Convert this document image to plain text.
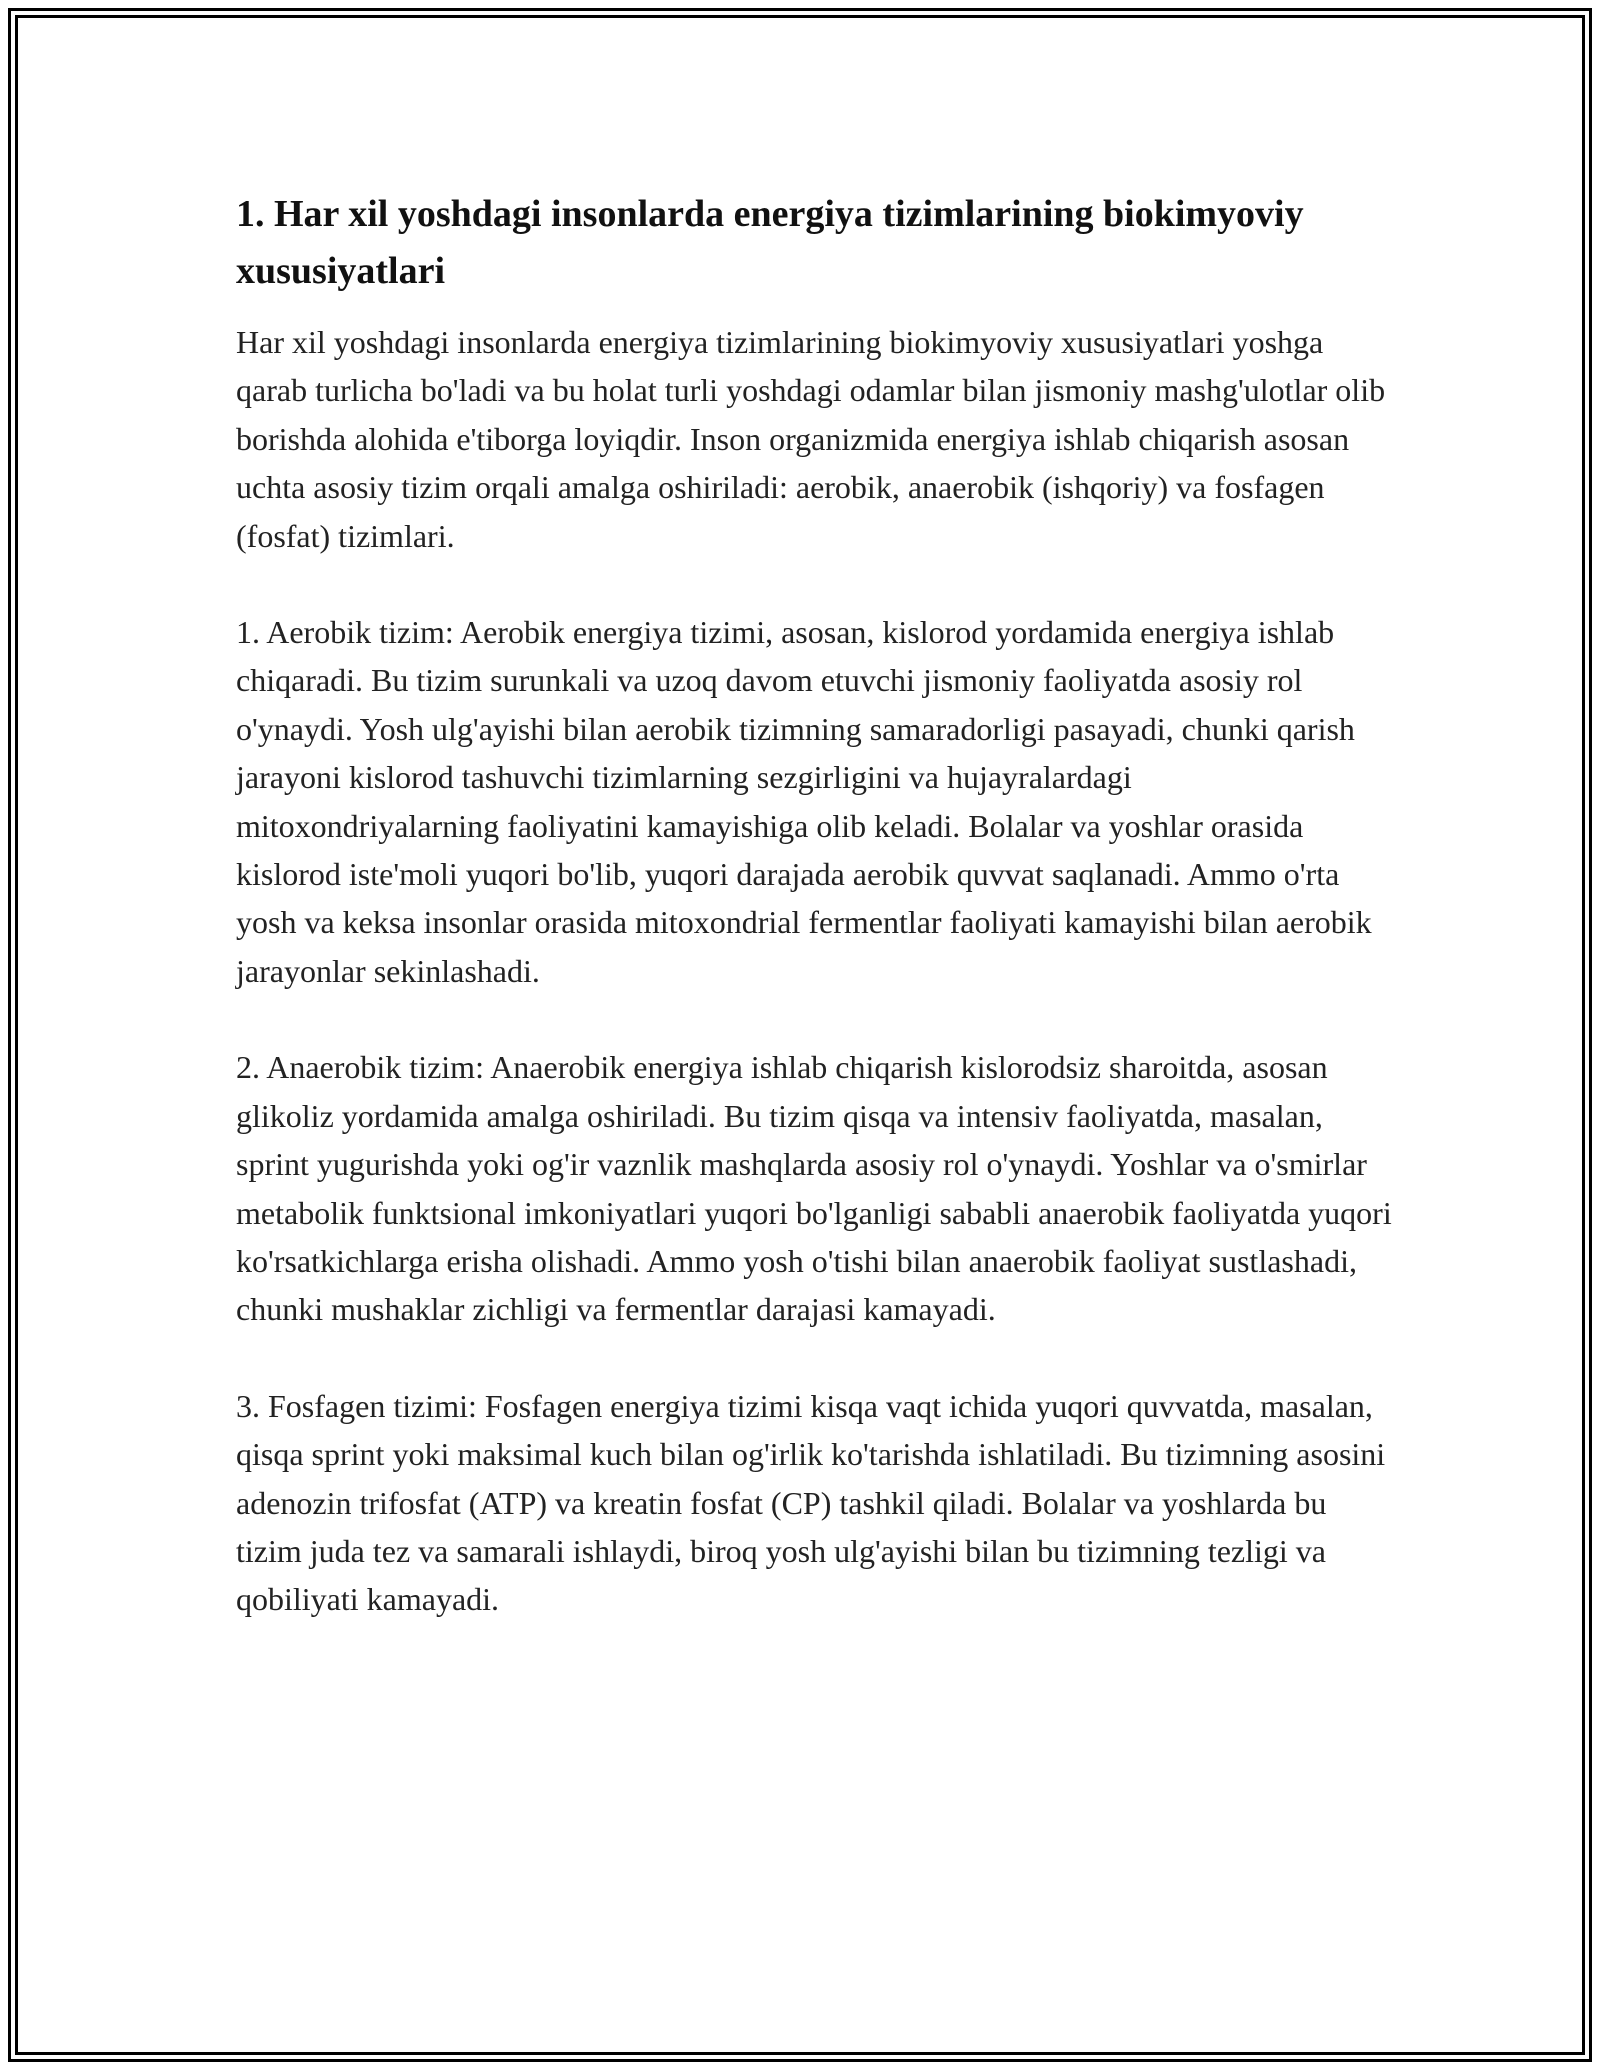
1. Har xil yoshdagi insonlarda energiya tizimlarining biokimyoviy xususiyatlari

Har xil yoshdagi insonlarda energiya tizimlarining biokimyoviy xususiyatlari yoshga qarab turlicha bo'ladi va bu holat turli yoshdagi odamlar bilan jismoniy mashg'ulotlar olib borishda alohida e'tiborga loyiqdir. Inson organizmida energiya ishlab chiqarish asosan uchta asosiy tizim orqali amalga oshiriladi: aerobik, anaerobik (ishqoriy) va fosfagen (fosfat) tizimlari.

1. Aerobik tizim: Aerobik energiya tizimi, asosan, kislorod yordamida energiya ishlab chiqaradi. Bu tizim surunkali va uzoq davom etuvchi jismoniy faoliyatda asosiy rol o'ynaydi. Yosh ulg'ayishi bilan aerobik tizimning samaradorligi pasayadi, chunki qarish jarayoni kislorod tashuvchi tizimlarning sezgirligini va hujayralardagi mitoxondriyalarning faoliyatini kamayishiga olib keladi. Bolalar va yoshlar orasida kislorod iste'moli yuqori bo'lib, yuqori darajada aerobik quvvat saqlanadi. Ammo o'rta yosh va keksa insonlar orasida mitoxondrial fermentlar faoliyati kamayishi bilan aerobik jarayonlar sekinlashadi.

2. Anaerobik tizim: Anaerobik energiya ishlab chiqarish kislorodsiz sharoitda, asosan glikoliz yordamida amalga oshiriladi. Bu tizim qisqa va intensiv faoliyatda, masalan, sprint yugurishda yoki og'ir vaznlik mashqlarda asosiy rol o'ynaydi. Yoshlar va o'smirlar metabolik funktsional imkoniyatlari yuqori bo'lganligi sababli anaerobik faoliyatda yuqori ko'rsatkichlarga erisha olishadi. Ammo yosh o'tishi bilan anaerobik faoliyat sustlashadi, chunki mushaklar zichligi va fermentlar darajasi kamayadi.

3. Fosfagen tizimi: Fosfagen energiya tizimi kisqa vaqt ichida yuqori quvvatda, masalan, qisqa sprint yoki maksimal kuch bilan og'irlik ko'tarishda ishlatiladi. Bu tizimning asosini adenozin trifosfat (ATP) va kreatin fosfat (CP) tashkil qiladi. Bolalar va yoshlarda bu tizim juda tez va samarali ishlaydi, biroq yosh ulg'ayishi bilan bu tizimning tezligi va qobiliyati kamayadi.
